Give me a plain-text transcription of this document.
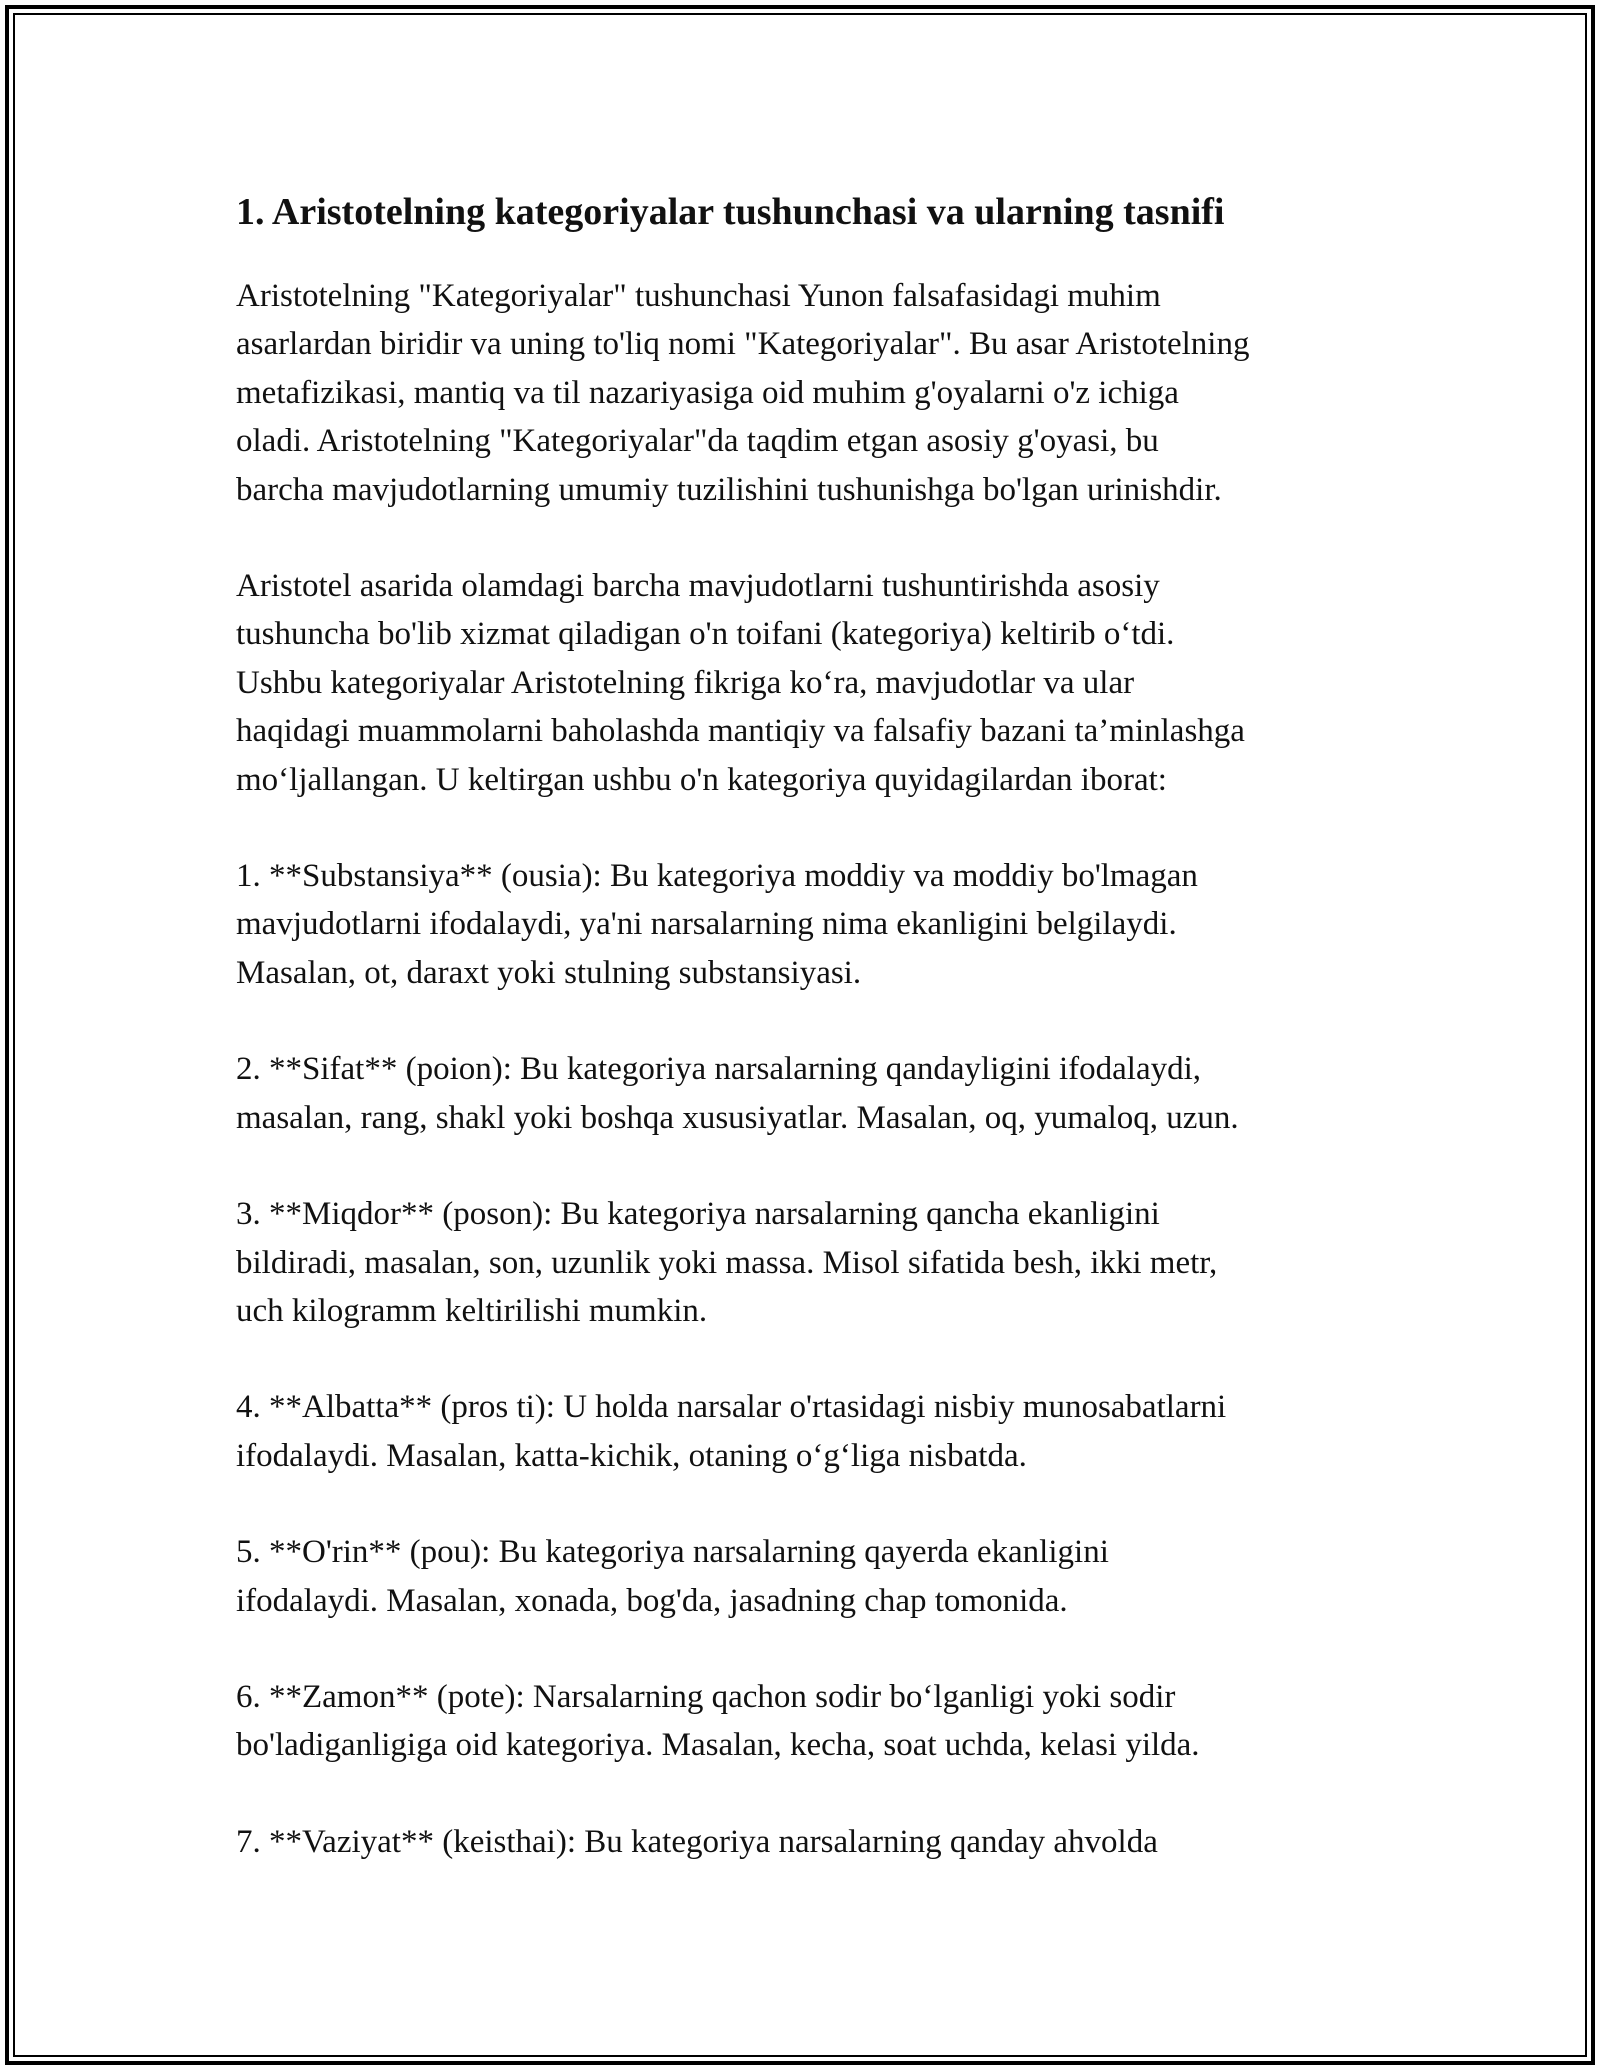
1. Aristotelning kategoriyalar tushunchasi va ularning tasnifi

Aristotelning "Kategoriyalar" tushunchasi Yunon falsafasidagi muhim
asarlardan biridir va uning to'liq nomi "Kategoriyalar". Bu asar Aristotelning
metafizikasi, mantiq va til nazariyasiga oid muhim g'oyalarni o'z ichiga
oladi. Aristotelning "Kategoriyalar"da taqdim etgan asosiy g'oyasi, bu
barcha mavjudotlarning umumiy tuzilishini tushunishga bo'lgan urinishdir.

Aristotel asarida olamdagi barcha mavjudotlarni tushuntirishda asosiy
tushuncha bo'lib xizmat qiladigan o'n toifani (kategoriya) keltirib o‘tdi.
Ushbu kategoriyalar Aristotelning fikriga ko‘ra, mavjudotlar va ular
haqidagi muammolarni baholashda mantiqiy va falsafiy bazani ta’minlashga
mo‘ljallangan. U keltirgan ushbu o'n kategoriya quyidagilardan iborat:

1. **Substansiya** (ousia): Bu kategoriya moddiy va moddiy bo'lmagan
mavjudotlarni ifodalaydi, ya'ni narsalarning nima ekanligini belgilaydi.
Masalan, ot, daraxt yoki stulning substansiyasi.

2. **Sifat** (poion): Bu kategoriya narsalarning qandayligini ifodalaydi,
masalan, rang, shakl yoki boshqa xususiyatlar. Masalan, oq, yumaloq, uzun.

3. **Miqdor** (poson): Bu kategoriya narsalarning qancha ekanligini
bildiradi, masalan, son, uzunlik yoki massa. Misol sifatida besh, ikki metr,
uch kilogramm keltirilishi mumkin.

4. **Albatta** (pros ti): U holda narsalar o'rtasidagi nisbiy munosabatlarni
ifodalaydi. Masalan, katta-kichik, otaning o‘g‘liga nisbatda.

5. **O'rin** (pou): Bu kategoriya narsalarning qayerda ekanligini
ifodalaydi. Masalan, xonada, bog'da, jasadning chap tomonida.

6. **Zamon** (pote): Narsalarning qachon sodir bo‘lganligi yoki sodir
bo'ladiganligiga oid kategoriya. Masalan, kecha, soat uchda, kelasi yilda.

7. **Vaziyat** (keisthai): Bu kategoriya narsalarning qanday ahvolda
